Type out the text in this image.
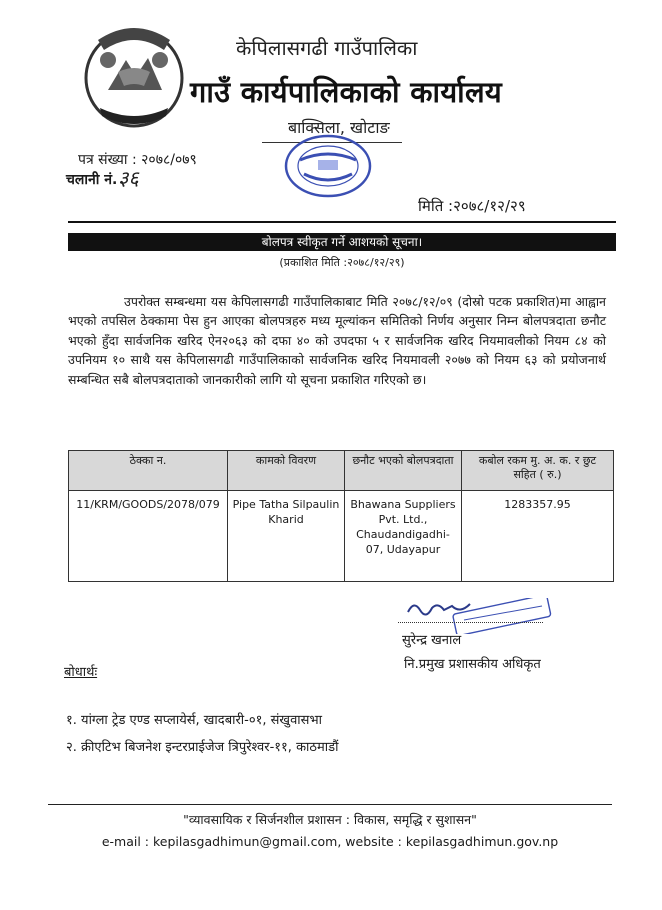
केपिलासगढी गाउँपालिका
गाउँ कार्यपालिकाको कार्यालय
बाक्सिला, खोटाङ
पत्र संख्या : २०७८/०७९
चलानी नं. ३६
मिति :२०७८/१२/२९
बोलपत्र स्वीकृत गर्ने आशयको सूचना।
(प्रकाशित मिति :२०७८/१२/२९)
उपरोक्त सम्बन्धमा यस केपिलासगढी गाउँपालिकाबाट मिति २०७८/१२/०९ (दोस्रो पटक प्रकाशित)मा आह्वान भएको तपसिल ठेक्कामा पेस हुन आएका बोलपत्रहरु मध्य मूल्यांकन समितिको निर्णय अनुसार निम्न बोलपत्रदाता छनौट भएको हुँदा सार्वजनिक खरिद ऐन२०६३ को दफा ४० को उपदफा ५ र सार्वजनिक खरिद नियमावलीको नियम ८४ को उपनियम १० साथै यस केपिलासगढी गाउँपालिकाको सार्वजनिक खरिद नियमावली २०७७ को नियम ६३ को प्रयोजनार्थ सम्बन्धित सबै बोलपत्रदाताको जानकारीको लागि यो सूचना प्रकाशित गरिएको छ।
ठेक्का न.	कामको विवरण	छनौट भएको बोलपत्रदाता	कबोल रकम मु. अ. क. र छुट सहित ( रु.)
11/KRM/GOODS/2078/079	Pipe Tatha Silpaulin Kharid	Bhawana Suppliers Pvt. Ltd., Chaudandigadhi-07, Udayapur	1283357.95
सुरेन्द्र खनाल
नि.प्रमुख प्रशासकीय अधिकृत
बोधार्थः
१. यांग्ला ट्रेड एण्ड सप्लायेर्स, खादबारी-०१, संखुवासभा
२. क्रीएटिभ बिजनेश इन्टरप्राईजेज त्रिपुरेश्वर-११, काठमाडौं
"व्यावसायिक र सिर्जनशील प्रशासन : विकास, समृद्धि र सुशासन"
e-mail : kepilasgadhimun@gmail.com, website : kepilasgadhimun.gov.np
